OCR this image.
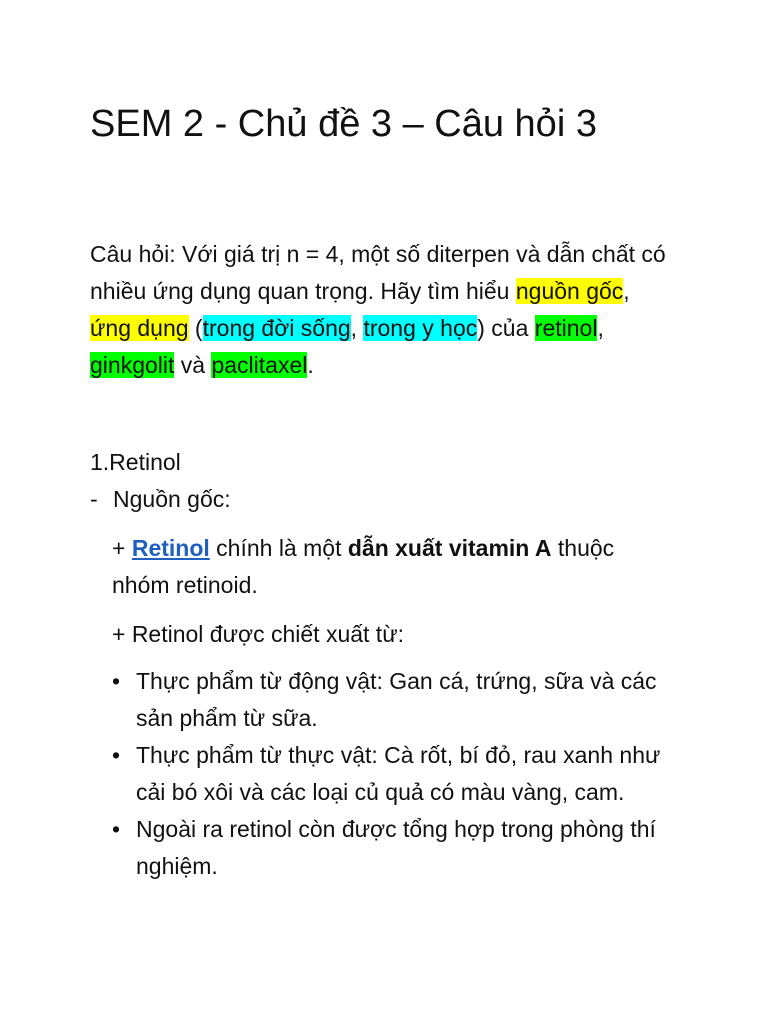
SEM 2 - Chủ đề 3 – Câu hỏi 3

Câu hỏi: Với giá trị n = 4, một số diterpen và dẫn chất có nhiều ứng dụng quan trọng. Hãy tìm hiểu nguồn gốc, ứng dụng (trong đời sống, trong y học) của retinol, ginkgolit và paclitaxel.

1.Retinol

- Nguồn gốc:

+ Retinol chính là một dẫn xuất vitamin A thuộc nhóm retinoid.

+ Retinol được chiết xuất từ:

• Thực phẩm từ động vật: Gan cá, trứng, sữa và các sản phẩm từ sữa.
• Thực phẩm từ thực vật: Cà rốt, bí đỏ, rau xanh như cải bó xôi và các loại củ quả có màu vàng, cam.
• Ngoài ra retinol còn được tổng hợp trong phòng thí nghiệm.
